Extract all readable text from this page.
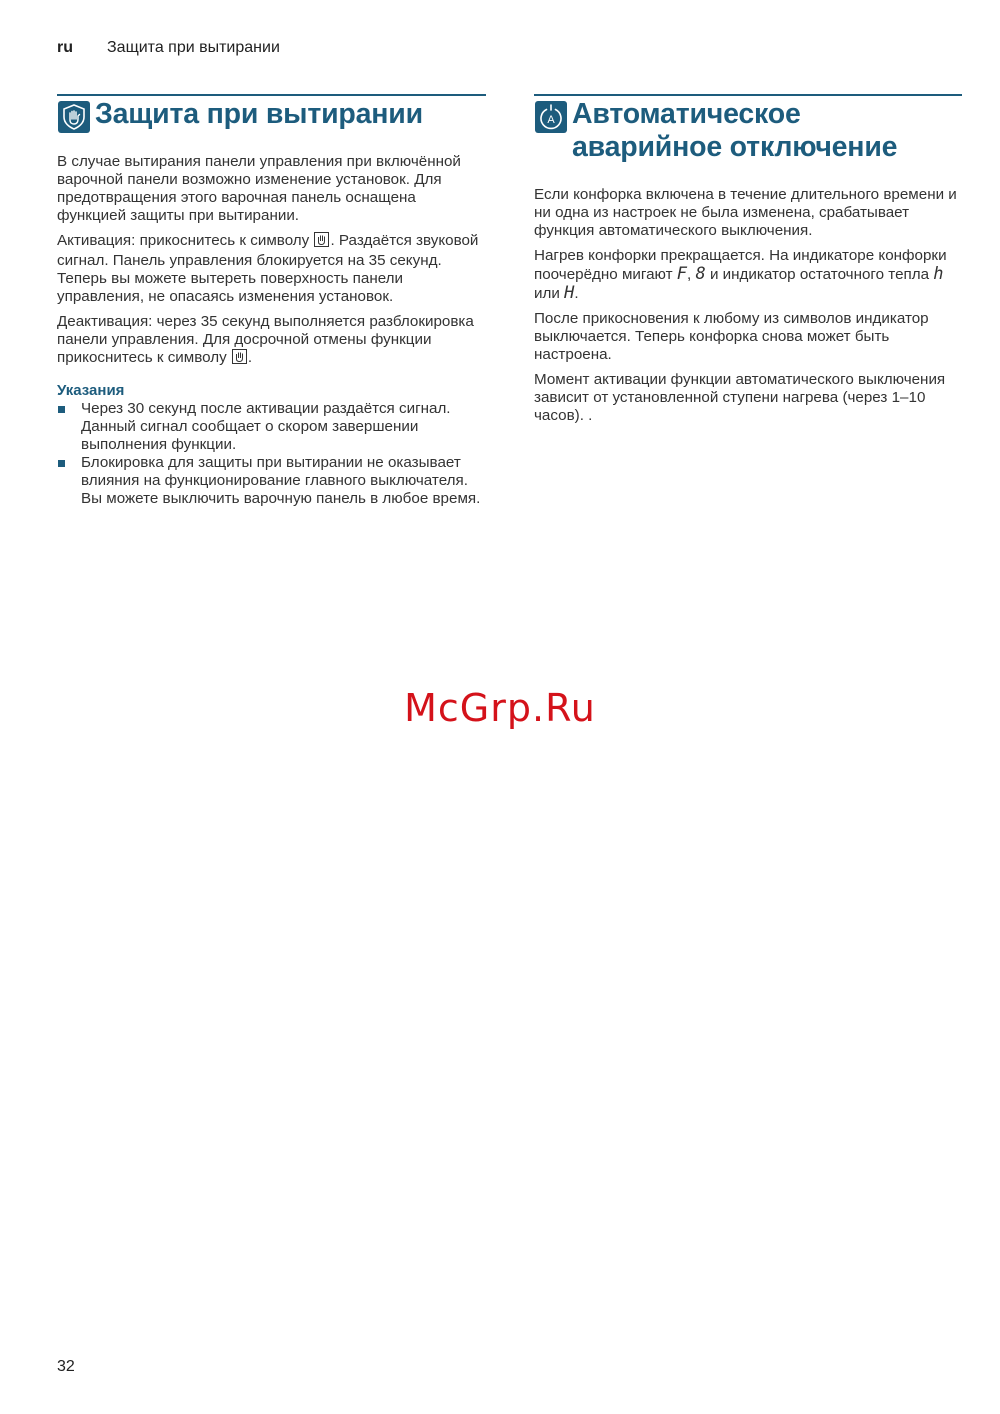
ru Защита при вытирании
Защита при вытирании

В случае вытирания панели управления при включённой варочной панели возможно изменение установок. Для предотвращения этого варочная панель оснащена функцией защиты при вытирании.

Активация: прикоснитесь к символу . Раздаётся звуковой сигнал. Панель управления блокируется на 35 секунд. Теперь вы можете вытереть поверхность панели управления, не опасаясь изменения установок.

Деактивация: через 35 секунд выполняется разблокировка панели управления. Для досрочной отмены функции прикоснитесь к символу .

Указания
Через 30 секунд после активации раздаётся сигнал. Данный сигнал сообщает о скором завершении выполнения функции.
Блокировка для защиты при вытирании не оказывает влияния на функционирование главного выключателя. Вы можете выключить варочную панель в любое время.
A Автоматическое
аварийное отключение

Если конфорка включена в течение длительного времени и ни одна из настроек не была изменена, срабатывает функция автоматического выключения.

Нагрев конфорки прекращается. На индикаторе конфорки поочерёдно мигают F, 8 и индикатор остаточного тепла h или H.

После прикосновения к любому из символов индикатор выключается. Теперь конфорка снова может быть настроена.

Момент активации функции автоматического выключения зависит от установленной ступени нагрева (через 1–10 часов). .

McGrp.Ru
32
